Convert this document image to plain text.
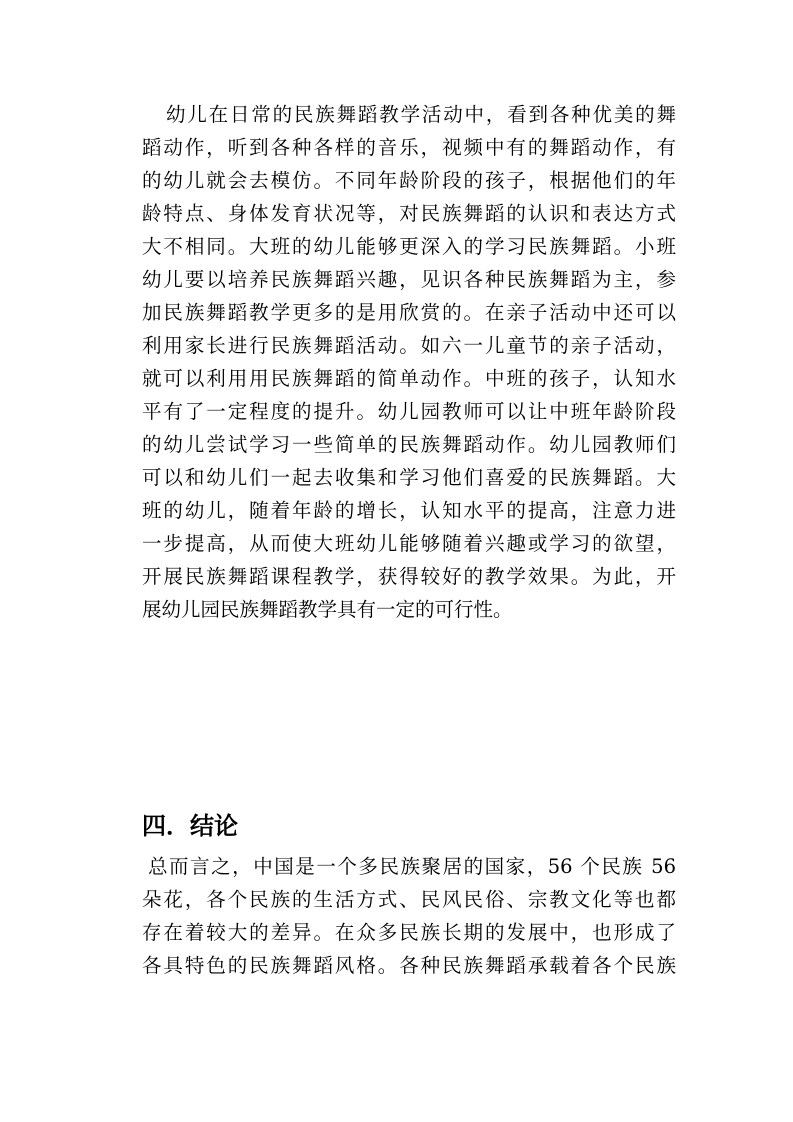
幼儿在日常的民族舞蹈教学活动中，看到各种优美的舞
蹈动作，听到各种各样的音乐，视频中有的舞蹈动作，有
的幼儿就会去模仿。不同年龄阶段的孩子，根据他们的年
龄特点、身体发育状况等，对民族舞蹈的认识和表达方式
大不相同。大班的幼儿能够更深入的学习民族舞蹈。小班
幼儿要以培养民族舞蹈兴趣，见识各种民族舞蹈为主，参
加民族舞蹈教学更多的是用欣赏的。在亲子活动中还可以
利用家长进行民族舞蹈活动。如六一儿童节的亲子活动，
就可以利用用民族舞蹈的简单动作。中班的孩子，认知水
平有了一定程度的提升。幼儿园教师可以让中班年龄阶段
的幼儿尝试学习一些简单的民族舞蹈动作。幼儿园教师们
可以和幼儿们一起去收集和学习他们喜爱的民族舞蹈。大
班的幼儿，随着年龄的增长，认知水平的提高，注意力进
一步提高，从而使大班幼儿能够随着兴趣或学习的欲望，
开展民族舞蹈课程教学，获得较好的教学效果。为此，开
展幼儿园民族舞蹈教学具有一定的可行性。
四．结论
总而言之，中国是一个多民族聚居的国家，56 个民族 56
朵花，各个民族的生活方式、民风民俗、宗教文化等也都
存在着较大的差异。在众多民族长期的发展中，也形成了
各具特色的民族舞蹈风格。各种民族舞蹈承载着各个民族
